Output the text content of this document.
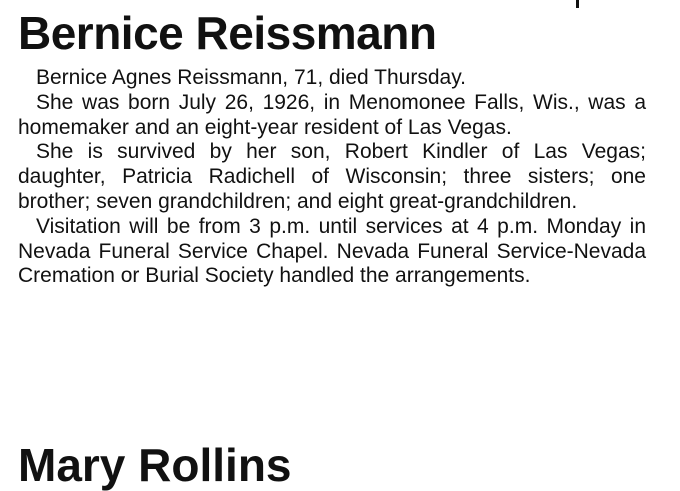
Bernice Reissmann

Bernice Agnes Reissmann, 71, died Thursday.

She was born July 26, 1926, in Menomonee Falls, Wis., was a homemaker and an eight-year resident of Las Vegas.

She is survived by her son, Robert Kindler of Las Vegas; daughter, Patricia Radichell of Wisconsin; three sisters; one brother; seven grandchildren; and eight great-grandchildren.

Visitation will be from 3 p.m. until services at 4 p.m. Monday in Nevada Funeral Service Chapel. Nevada Funeral Service-Nevada Cremation or Burial Society handled the arrangements.

Mary Rollins
